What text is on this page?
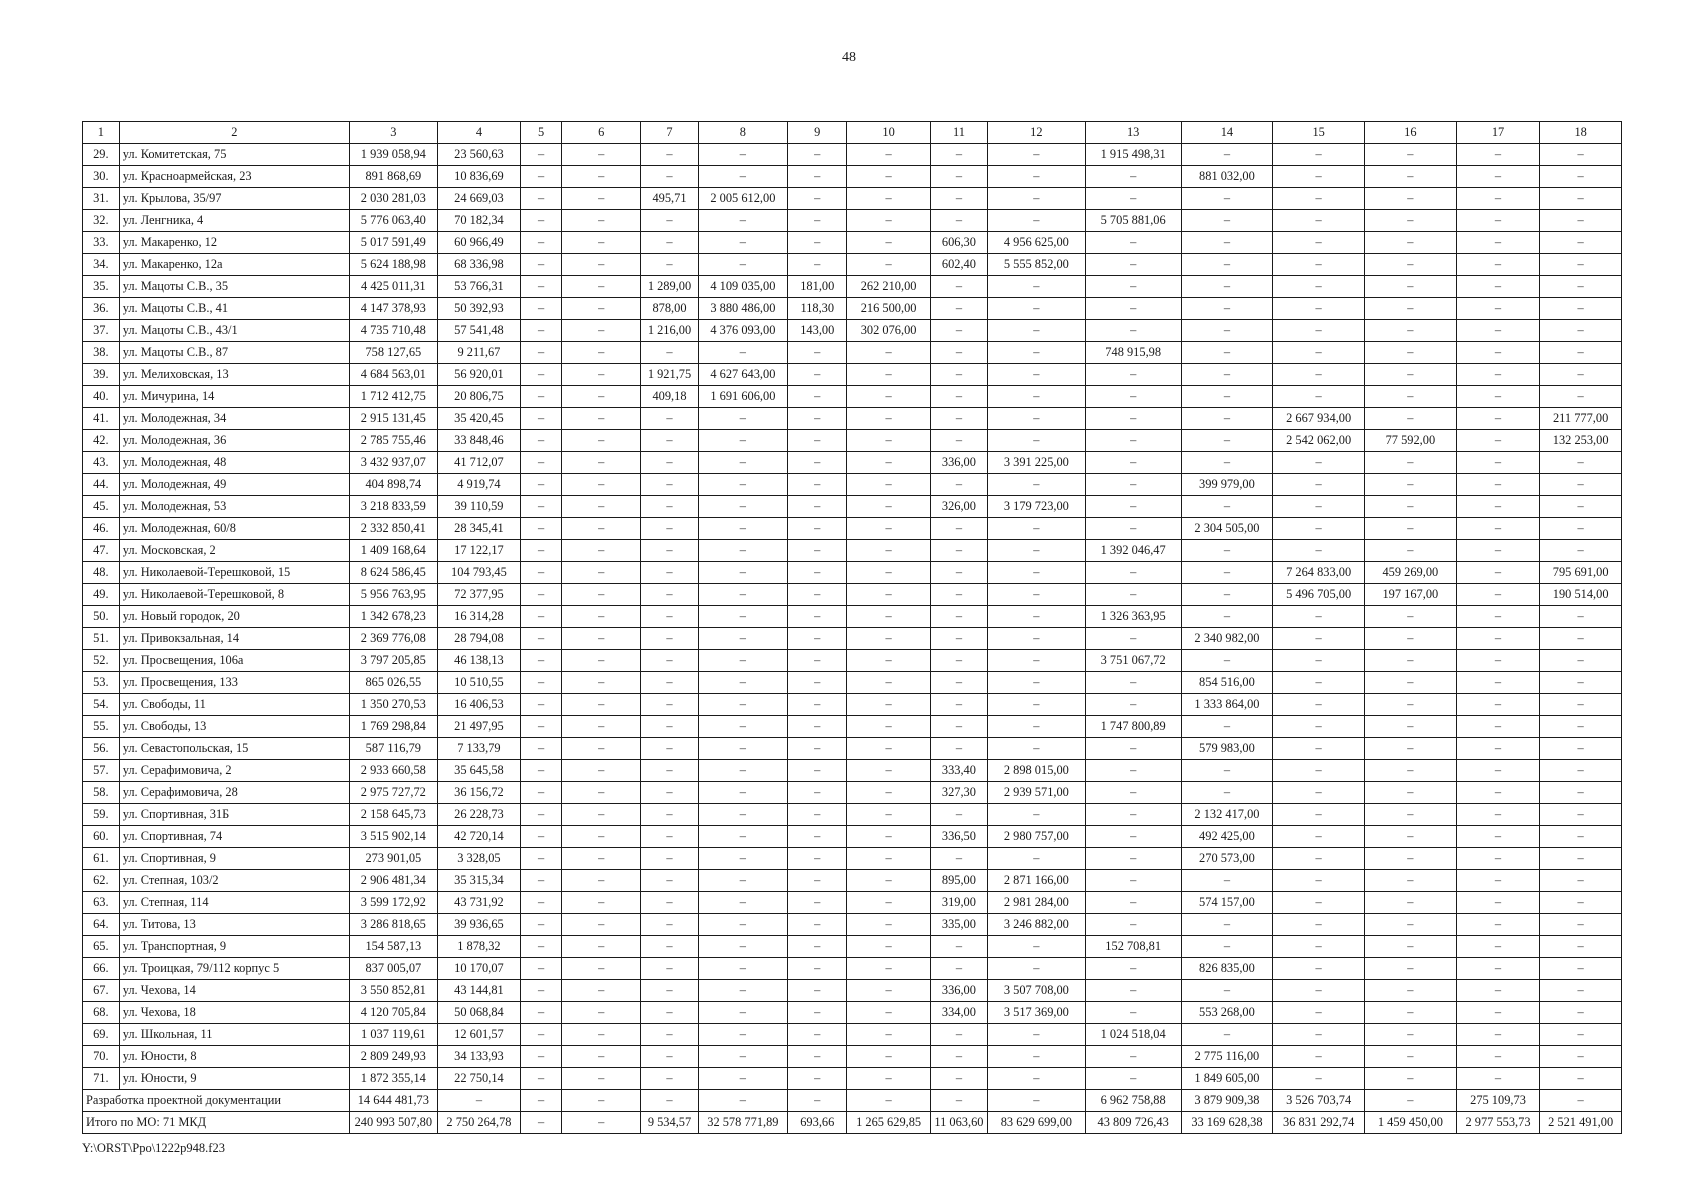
48
1	2	3	4	5	6	7	8	9	10	11	12	13	14	15	16	17	18
29.	ул. Комитетская, 75	1 939 058,94	23 560,63	–	–	–	–	–	–	–	–	1 915 498,31	–	–	–	–	–
30.	ул. Красноармейская, 23	891 868,69	10 836,69	–	–	–	–	–	–	–	–	–	881 032,00	–	–	–	–
31.	ул. Крылова, 35/97	2 030 281,03	24 669,03	–	–	495,71	2 005 612,00	–	–	–	–	–	–	–	–	–	–
32.	ул. Ленгника, 4	5 776 063,40	70 182,34	–	–	–	–	–	–	–	–	5 705 881,06	–	–	–	–	–
33.	ул. Макаренко, 12	5 017 591,49	60 966,49	–	–	–	–	–	–	606,30	4 956 625,00	–	–	–	–	–	–
34.	ул. Макаренко, 12а	5 624 188,98	68 336,98	–	–	–	–	–	–	602,40	5 555 852,00	–	–	–	–	–	–
35.	ул. Мацоты С.В., 35	4 425 011,31	53 766,31	–	–	1 289,00	4 109 035,00	181,00	262 210,00	–	–	–	–	–	–	–	–
36.	ул. Мацоты С.В., 41	4 147 378,93	50 392,93	–	–	878,00	3 880 486,00	118,30	216 500,00	–	–	–	–	–	–	–	–
37.	ул. Мацоты С.В., 43/1	4 735 710,48	57 541,48	–	–	1 216,00	4 376 093,00	143,00	302 076,00	–	–	–	–	–	–	–	–
38.	ул. Мацоты С.В., 87	758 127,65	9 211,67	–	–	–	–	–	–	–	–	748 915,98	–	–	–	–	–
39.	ул. Мелиховская, 13	4 684 563,01	56 920,01	–	–	1 921,75	4 627 643,00	–	–	–	–	–	–	–	–	–	–
40.	ул. Мичурина, 14	1 712 412,75	20 806,75	–	–	409,18	1 691 606,00	–	–	–	–	–	–	–	–	–	–
41.	ул. Молодежная, 34	2 915 131,45	35 420,45	–	–	–	–	–	–	–	–	–	–	2 667 934,00	–	–	211 777,00
42.	ул. Молодежная, 36	2 785 755,46	33 848,46	–	–	–	–	–	–	–	–	–	–	2 542 062,00	77 592,00	–	132 253,00
43.	ул. Молодежная, 48	3 432 937,07	41 712,07	–	–	–	–	–	–	336,00	3 391 225,00	–	–	–	–	–	–
44.	ул. Молодежная, 49	404 898,74	4 919,74	–	–	–	–	–	–	–	–	–	399 979,00	–	–	–	–
45.	ул. Молодежная, 53	3 218 833,59	39 110,59	–	–	–	–	–	–	326,00	3 179 723,00	–	–	–	–	–	–
46.	ул. Молодежная, 60/8	2 332 850,41	28 345,41	–	–	–	–	–	–	–	–	–	2 304 505,00	–	–	–	–
47.	ул. Московская, 2	1 409 168,64	17 122,17	–	–	–	–	–	–	–	–	1 392 046,47	–	–	–	–	–
48.	ул. Николаевой-Терешковой, 15	8 624 586,45	104 793,45	–	–	–	–	–	–	–	–	–	–	7 264 833,00	459 269,00	–	795 691,00
49.	ул. Николаевой-Терешковой, 8	5 956 763,95	72 377,95	–	–	–	–	–	–	–	–	–	–	5 496 705,00	197 167,00	–	190 514,00
50.	ул. Новый городок, 20	1 342 678,23	16 314,28	–	–	–	–	–	–	–	–	1 326 363,95	–	–	–	–	–
51.	ул. Привокзальная, 14	2 369 776,08	28 794,08	–	–	–	–	–	–	–	–	–	2 340 982,00	–	–	–	–
52.	ул. Просвещения, 106а	3 797 205,85	46 138,13	–	–	–	–	–	–	–	–	3 751 067,72	–	–	–	–	–
53.	ул. Просвещения, 133	865 026,55	10 510,55	–	–	–	–	–	–	–	–	–	854 516,00	–	–	–	–
54.	ул. Свободы, 11	1 350 270,53	16 406,53	–	–	–	–	–	–	–	–	–	1 333 864,00	–	–	–	–
55.	ул. Свободы, 13	1 769 298,84	21 497,95	–	–	–	–	–	–	–	–	1 747 800,89	–	–	–	–	–
56.	ул. Севастопольская, 15	587 116,79	7 133,79	–	–	–	–	–	–	–	–	–	579 983,00	–	–	–	–
57.	ул. Серафимовича, 2	2 933 660,58	35 645,58	–	–	–	–	–	–	333,40	2 898 015,00	–	–	–	–	–	–
58.	ул. Серафимовича, 28	2 975 727,72	36 156,72	–	–	–	–	–	–	327,30	2 939 571,00	–	–	–	–	–	–
59.	ул. Спортивная, 31Б	2 158 645,73	26 228,73	–	–	–	–	–	–	–	–	–	2 132 417,00	–	–	–	–
60.	ул. Спортивная, 74	3 515 902,14	42 720,14	–	–	–	–	–	–	336,50	2 980 757,00	–	492 425,00	–	–	–	–
61.	ул. Спортивная, 9	273 901,05	3 328,05	–	–	–	–	–	–	–	–	–	270 573,00	–	–	–	–
62.	ул. Степная, 103/2	2 906 481,34	35 315,34	–	–	–	–	–	–	895,00	2 871 166,00	–	–	–	–	–	–
63.	ул. Степная, 114	3 599 172,92	43 731,92	–	–	–	–	–	–	319,00	2 981 284,00	–	574 157,00	–	–	–	–
64.	ул. Титова, 13	3 286 818,65	39 936,65	–	–	–	–	–	–	335,00	3 246 882,00	–	–	–	–	–	–
65.	ул. Транспортная, 9	154 587,13	1 878,32	–	–	–	–	–	–	–	–	152 708,81	–	–	–	–	–
66.	ул. Троицкая, 79/112 корпус 5	837 005,07	10 170,07	–	–	–	–	–	–	–	–	–	826 835,00	–	–	–	–
67.	ул. Чехова, 14	3 550 852,81	43 144,81	–	–	–	–	–	–	336,00	3 507 708,00	–	–	–	–	–	–
68.	ул. Чехова, 18	4 120 705,84	50 068,84	–	–	–	–	–	–	334,00	3 517 369,00	–	553 268,00	–	–	–	–
69.	ул. Школьная, 11	1 037 119,61	12 601,57	–	–	–	–	–	–	–	–	1 024 518,04	–	–	–	–	–
70.	ул. Юности, 8	2 809 249,93	34 133,93	–	–	–	–	–	–	–	–	–	2 775 116,00	–	–	–	–
71.	ул. Юности, 9	1 872 355,14	22 750,14	–	–	–	–	–	–	–	–	–	1 849 605,00	–	–	–	–
Разработка проектной документации		14 644 481,73	–	–	–	–	–	–	–	–	–	6 962 758,88	3 879 909,38	3 526 703,74	–	275 109,73	–
Итого по МО: 71 МКД		240 993 507,80	2 750 264,78	–	–	9 534,57	32 578 771,89	693,66	1 265 629,85	11 063,60	83 629 699,00	43 809 726,43	33 169 628,38	36 831 292,74	1 459 450,00	2 977 553,73	2 521 491,00
Y:\ORST\Ppo\1222p948.f23
